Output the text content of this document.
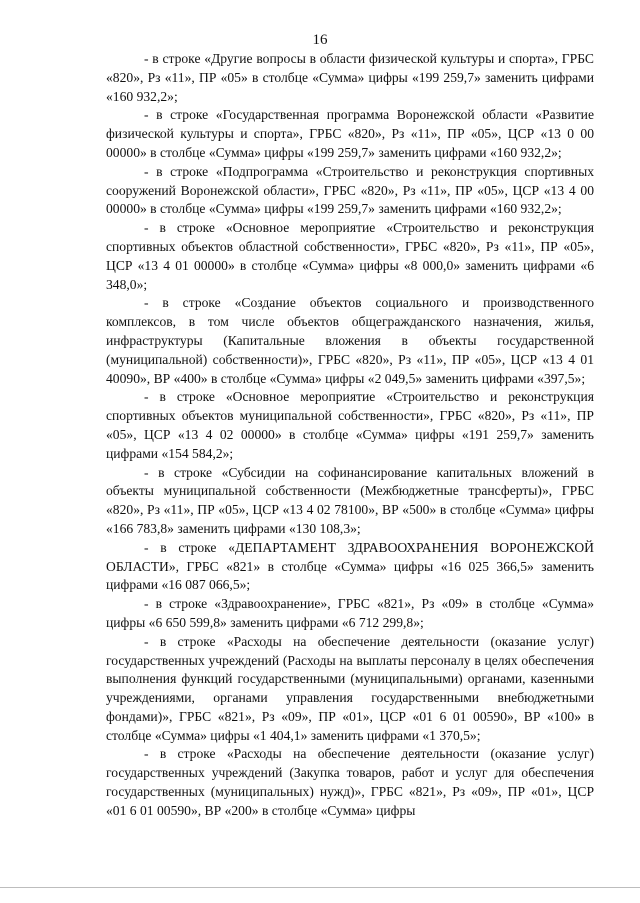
16

- в строке «Другие вопросы в области физической культуры и спорта», ГРБС «820», Рз «11», ПР «05» в столбце «Сумма» цифры «199 259,7» заменить цифрами «160 932,2»;

- в строке «Государственная программа Воронежской области «Развитие физической культуры и спорта», ГРБС «820», Рз «11», ПР «05», ЦСР «13 0 00 00000» в столбце «Сумма» цифры «199 259,7» заменить цифрами «160 932,2»;

- в строке «Подпрограмма «Строительство и реконструкция спортивных сооружений Воронежской области», ГРБС «820», Рз «11», ПР «05», ЦСР «13 4 00 00000» в столбце «Сумма» цифры «199 259,7» заменить цифрами «160 932,2»;

- в строке «Основное мероприятие «Строительство и реконструкция спортивных объектов областной собственности», ГРБС «820», Рз «11», ПР «05», ЦСР «13 4 01 00000» в столбце «Сумма» цифры «8 000,0» заменить цифрами «6 348,0»;

- в строке «Создание объектов социального и производственного комплексов, в том числе объектов общегражданского назначения, жилья, инфраструктуры (Капитальные вложения в объекты государственной (муниципальной) собственности)», ГРБС «820», Рз «11», ПР «05», ЦСР «13 4 01 40090», ВР «400» в столбце «Сумма» цифры «2 049,5» заменить цифрами «397,5»;

- в строке «Основное мероприятие «Строительство и реконструкция спортивных объектов муниципальной собственности», ГРБС «820», Рз «11», ПР «05», ЦСР «13 4 02 00000» в столбце «Сумма» цифры «191 259,7» заменить цифрами «154 584,2»;

- в строке «Субсидии на софинансирование капитальных вложений в объекты муниципальной собственности (Межбюджетные трансферты)», ГРБС «820», Рз «11», ПР «05», ЦСР «13 4 02 78100», ВР «500» в столбце «Сумма» цифры «166 783,8» заменить цифрами «130 108,3»;

- в строке «ДЕПАРТАМЕНТ ЗДРАВООХРАНЕНИЯ ВОРОНЕЖСКОЙ ОБЛАСТИ», ГРБС «821» в столбце «Сумма» цифры «16 025 366,5» заменить цифрами «16 087 066,5»;

- в строке «Здравоохранение», ГРБС «821», Рз «09» в столбце «Сумма» цифры «6 650 599,8» заменить цифрами «6 712 299,8»;

- в строке «Расходы на обеспечение деятельности (оказание услуг) государственных учреждений (Расходы на выплаты персоналу в целях обеспечения выполнения функций государственными (муниципальными) органами, казенными учреждениями, органами управления государственными внебюджетными фондами)», ГРБС «821», Рз «09», ПР «01», ЦСР «01 6 01 00590», ВР «100» в столбце «Сумма» цифры «1 404,1» заменить цифрами «1 370,5»;

- в строке «Расходы на обеспечение деятельности (оказание услуг) государственных учреждений (Закупка товаров, работ и услуг для обеспечения государственных (муниципальных) нужд)», ГРБС «821», Рз «09», ПР «01», ЦСР «01 6 01 00590», ВР «200» в столбце «Сумма» цифры
